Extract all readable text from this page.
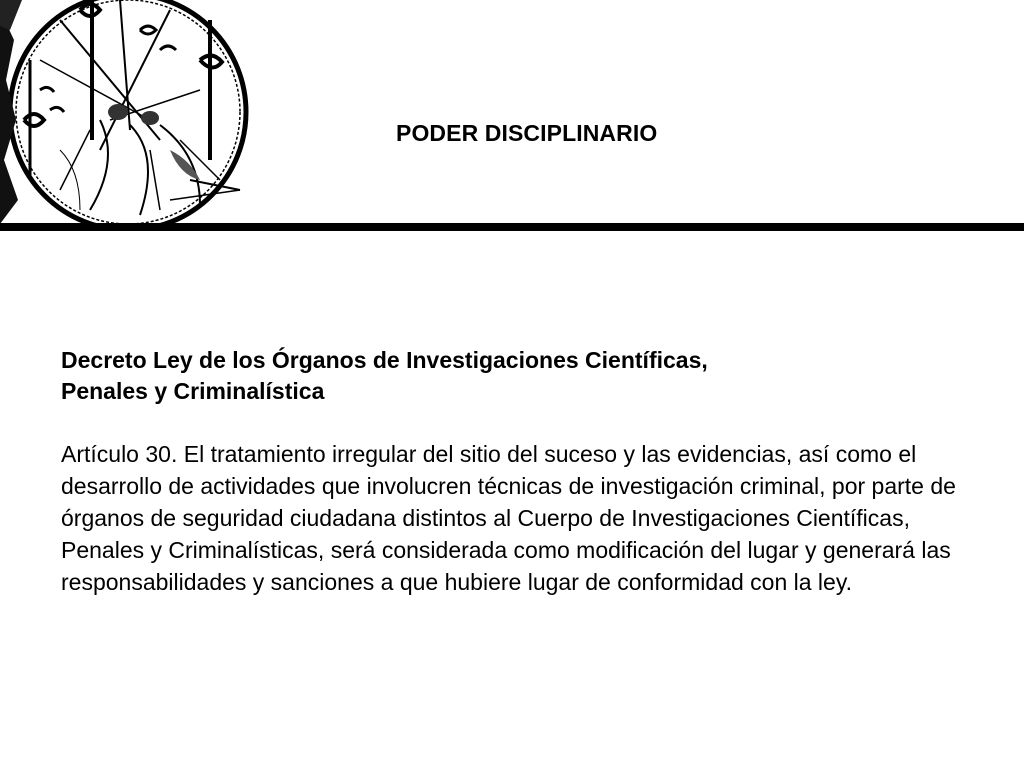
PODER DISCIPLINARIO

Decreto Ley de los Órganos de Investigaciones Científicas,
Penales y Criminalística

Artículo 30. El tratamiento irregular del sitio del suceso y las evidencias, así como el desarrollo de actividades que involucren técnicas de investigación criminal, por parte de órganos de seguridad ciudadana distintos al Cuerpo de Investigaciones Científicas, Penales y Criminalísticas, será considerada como modificación del lugar y generará las responsabilidades y sanciones a que hubiere lugar de conformidad con la ley.
